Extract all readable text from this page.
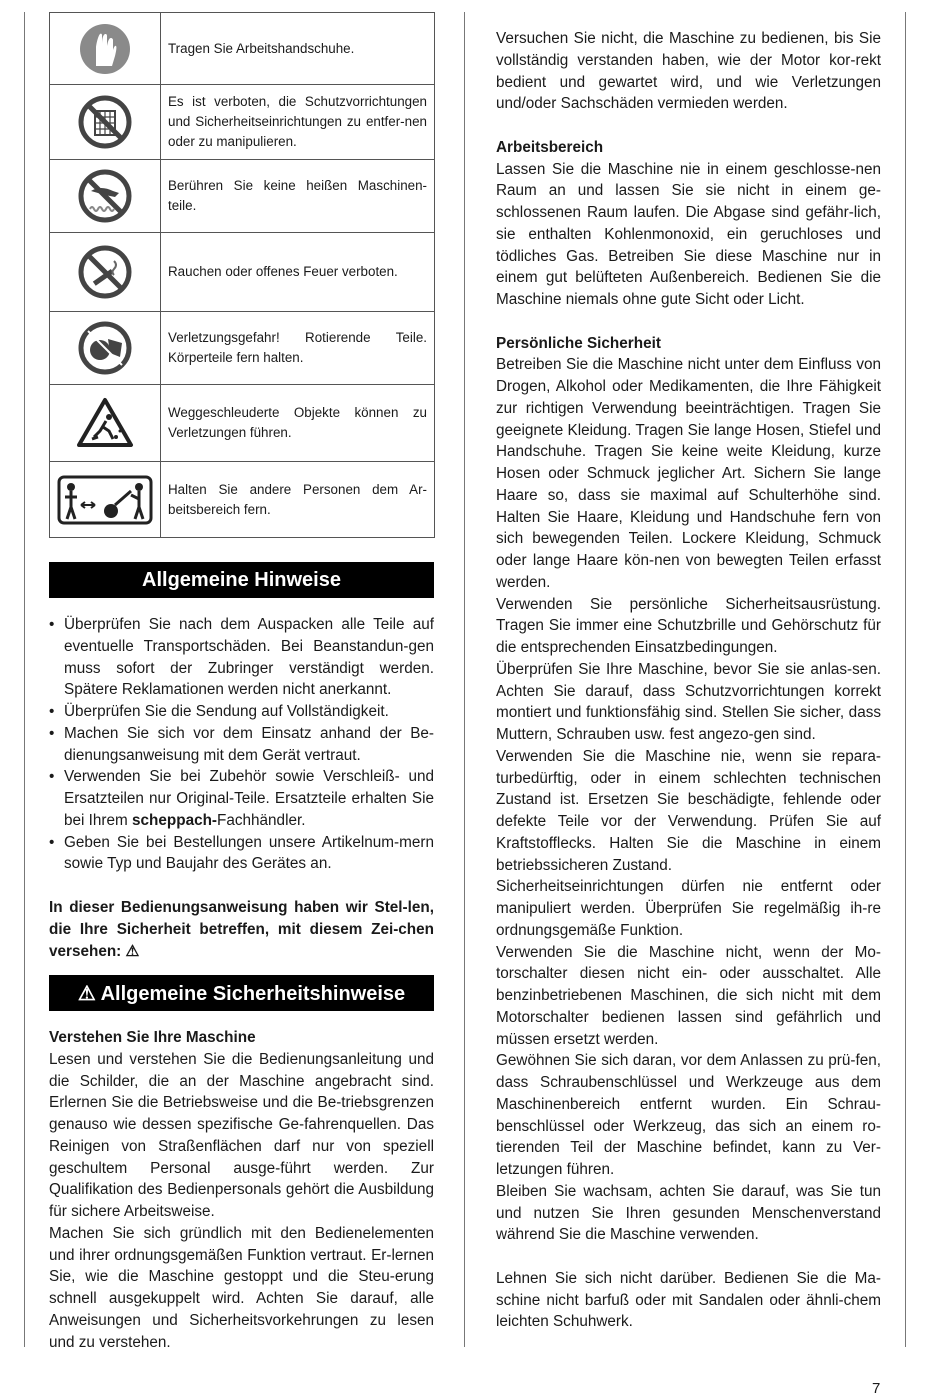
Tragen Sie Arbeitshandschuhe.
Es ist verboten, die Schutzvorrichtungen und Sicherheitseinrichtungen zu entfer-nen oder zu manipulieren.
Berühren Sie keine heißen Maschinen-teile.
Rauchen oder offenes Feuer verboten.
Verletzungsgefahr! Rotierende Teile. Körperteile fern halten.
Weggeschleuderte Objekte können zu Verletzungen führen.
Halten Sie andere Personen dem Ar-beitsbereich fern.
Allgemeine Hinweise
• Überprüfen Sie nach dem Auspacken alle Teile auf eventuelle Transportschäden. Bei Beanstandun-gen muss sofort der Zubringer verständigt werden. Spätere Reklamationen werden nicht anerkannt.
• Überprüfen Sie die Sendung auf Vollständigkeit.
• Machen Sie sich vor dem Einsatz anhand der Be-dienungsanweisung mit dem Gerät vertraut.
• Verwenden Sie bei Zubehör sowie Verschleiß- und Ersatzteilen nur Original-Teile. Ersatzteile erhalten Sie bei Ihrem scheppach-Fachhändler.
• Geben Sie bei Bestellungen unsere Artikelnum-mern sowie Typ und Baujahr des Gerätes an.
In dieser Bedienungsanweisung haben wir Stel-len, die Ihre Sicherheit betreffen, mit diesem Zei-chen versehen: ⚠
⚠ Allgemeine Sicherheitshinweise

Verstehen Sie Ihre Maschine

Lesen und verstehen Sie die Bedienungsanleitung und die Schilder, die an der Maschine angebracht sind. Erlernen Sie die Betriebsweise und die Be-triebsgrenzen genauso wie dessen spezifische Ge-fahrenquellen. Das Reinigen von Straßenflächen darf nur von speziell geschultem Personal ausge-führt werden. Zur Qualifikation des Bedienpersonals gehört die Ausbildung für sichere Arbeitsweise.

Machen Sie sich gründlich mit den Bedienelementen und ihrer ordnungsgemäßen Funktion vertraut. Er-lernen Sie, wie die Maschine gestoppt und die Steu-erung schnell ausgekuppelt wird. Achten Sie darauf, alle Anweisungen und Sicherheitsvorkehrungen zu lesen und zu verstehen.

Versuchen Sie nicht, die Maschine zu bedienen, bis Sie vollständig verstanden haben, wie der Motor kor-rekt bedient und gewartet wird, und wie Verletzungen und/oder Sachschäden vermieden werden.

Arbeitsbereich

Lassen Sie die Maschine nie in einem geschlosse-nen Raum an und lassen Sie sie nicht in einem ge-schlossenen Raum laufen. Die Abgase sind gefähr-lich, sie enthalten Kohlenmonoxid, ein geruchloses und tödliches Gas. Betreiben Sie diese Maschine nur in einem gut belüfteten Außenbereich. Bedienen Sie die Maschine niemals ohne gute Sicht oder Licht.

Persönliche Sicherheit

Betreiben Sie die Maschine nicht unter dem Einfluss von Drogen, Alkohol oder Medikamenten, die Ihre Fähigkeit zur richtigen Verwendung beeinträchtigen. Tragen Sie geeignete Kleidung. Tragen Sie lange Hosen, Stiefel und Handschuhe. Tragen Sie keine weite Kleidung, kurze Hosen oder Schmuck jeglicher Art. Sichern Sie lange Haare so, dass sie maximal auf Schulterhöhe sind. Halten Sie Haare, Kleidung und Handschuhe fern von sich bewegenden Teilen. Lockere Kleidung, Schmuck oder lange Haare kön-nen von bewegten Teilen erfasst werden.

Verwenden Sie persönliche Sicherheitsausrüstung. Tragen Sie immer eine Schutzbrille und Gehörschutz für die entsprechenden Einsatzbedingungen.

Überprüfen Sie Ihre Maschine, bevor Sie sie anlas-sen. Achten Sie darauf, dass Schutzvorrichtungen korrekt montiert und funktionsfähig sind. Stellen Sie sicher, dass Muttern, Schrauben usw. fest angezo-gen sind.

Verwenden Sie die Maschine nie, wenn sie repara-turbedürftig, oder in einem schlechten technischen Zustand ist. Ersetzen Sie beschädigte, fehlende oder defekte Teile vor der Verwendung. Prüfen Sie auf Kraftstofflecks. Halten Sie die Maschine in einem betriebssicheren Zustand.

Sicherheitseinrichtungen dürfen nie entfernt oder manipuliert werden. Überprüfen Sie regelmäßig ih-re ordnungsgemäße Funktion.

Verwenden Sie die Maschine nicht, wenn der Mo-torschalter diesen nicht ein- oder ausschaltet. Alle benzinbetriebenen Maschinen, die sich nicht mit dem Motorschalter bedienen lassen sind gefährlich und müssen ersetzt werden.

Gewöhnen Sie sich daran, vor dem Anlassen zu prü-fen, dass Schraubenschlüssel und Werkzeuge aus dem Maschinenbereich entfernt wurden. Ein Schrau-benschlüssel oder Werkzeug, das sich an einem ro-tierenden Teil der Maschine befindet, kann zu Ver-letzungen führen.

Bleiben Sie wachsam, achten Sie darauf, was Sie tun und nutzen Sie Ihren gesunden Menschenverstand während Sie die Maschine verwenden.

Lehnen Sie sich nicht darüber. Bedienen Sie die Ma-schine nicht barfuß oder mit Sandalen oder ähnli-chem leichten Schuhwerk.

7
